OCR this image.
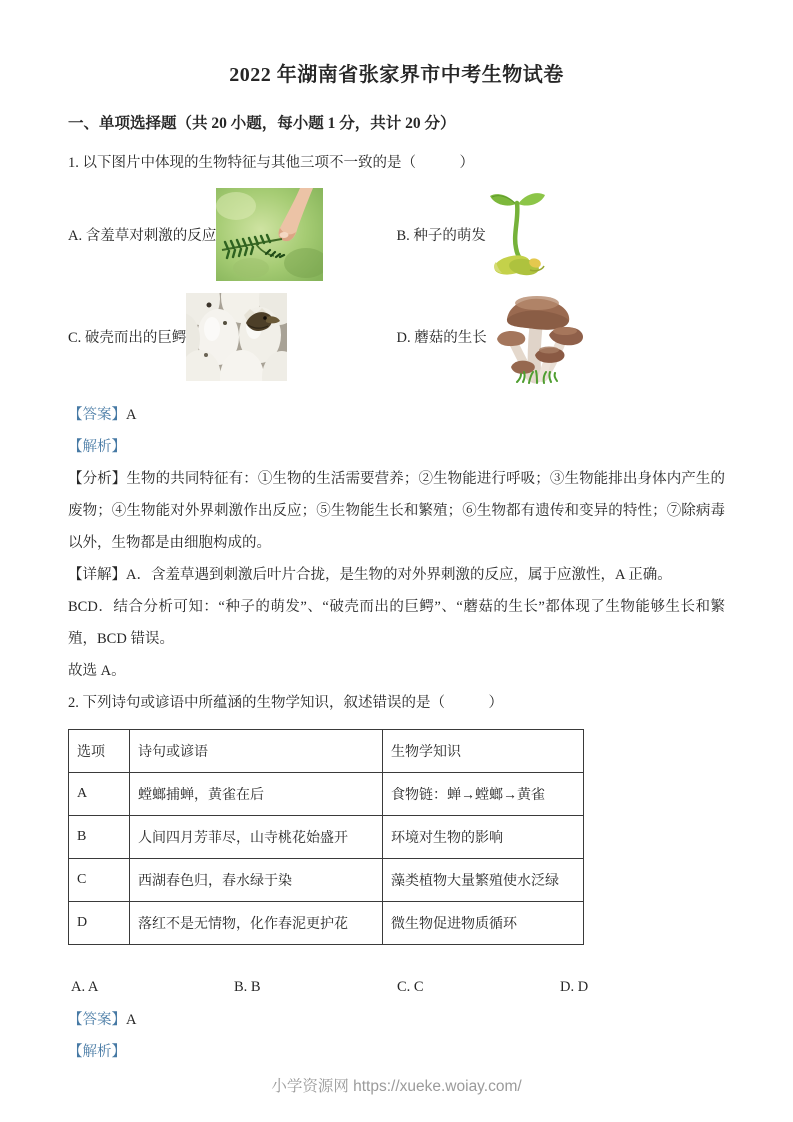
2022 年湖南省张家界市中考生物试卷
一、单项选择题（共 20 小题，每小题 1 分，共计 20 分）

1. 以下图片中体现的生物特征与其他三项不一致的是（　　　）

A. 含羞草对刺激的反应	B. 种子的萌发
C. 破壳而出的巨鳄	D. 蘑菇的生长

【答案】A

【解析】

【分析】生物的共同特征有：①生物的生活需要营养；②生物能进行呼吸；③生物能排出身体内产生的废物；④生物能对外界刺激作出反应；⑤生物能生长和繁殖；⑥生物都有遗传和变异的特性；⑦除病毒以外，生物都是由细胞构成的。

【详解】A．含羞草遇到刺激后叶片合拢，是生物的对外界刺激的反应，属于应激性，A 正确。

BCD．结合分析可知：“种子的萌发”、“破壳而出的巨鳄”、“蘑菇的生长”都体现了生物能够生长和繁殖，BCD 错误。

故选 A。

2. 下列诗句或谚语中所蕴涵的生物学知识，叙述错误的是（　　　）

选项	诗句或谚语	生物学知识
A	螳螂捕蝉，黄雀在后	食物链：蝉→螳螂→黄雀
B	人间四月芳菲尽，山寺桃花始盛开	环境对生物的影响
C	西湖春色归，春水绿于染	藻类植物大量繁殖使水泛绿
D	落红不是无情物，化作春泥更护花	微生物促进物质循环
A. A	B. B	C. C	D. D

【答案】A

【解析】

小学资源网 https://xueke.woiay.com/
